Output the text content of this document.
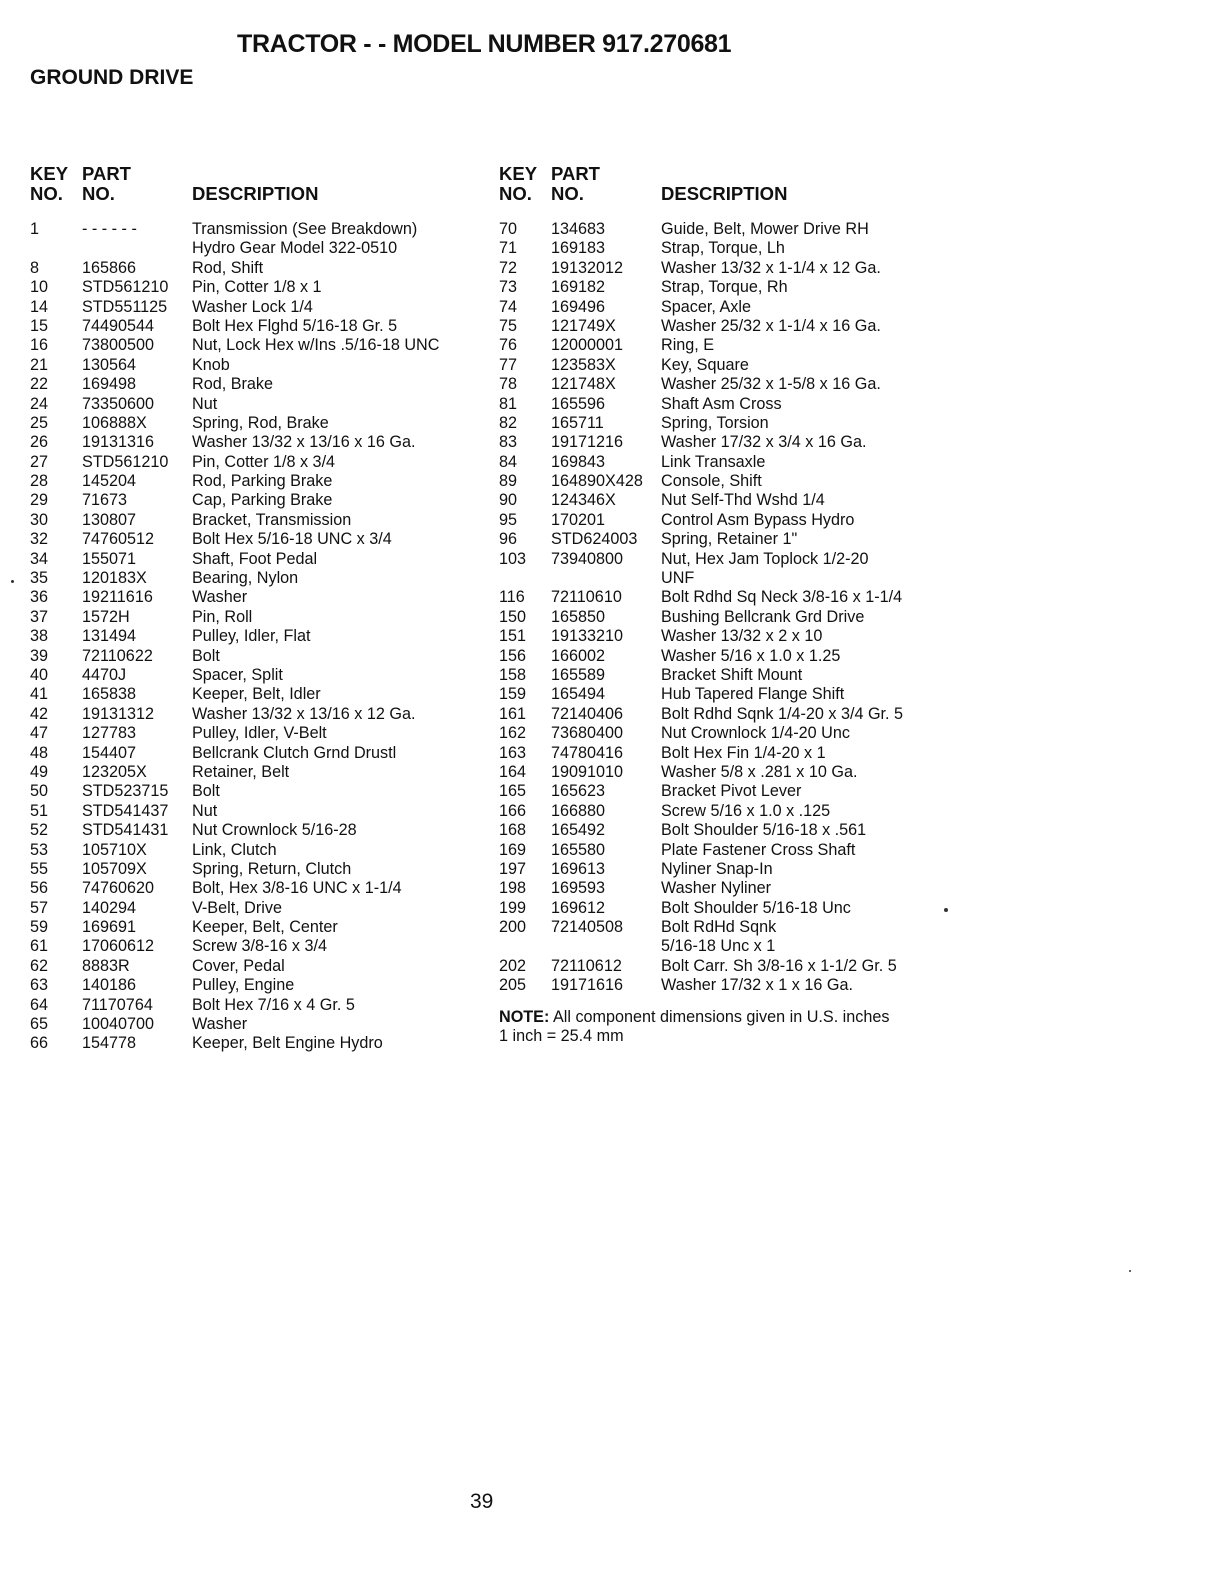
TRACTOR - - MODEL NUMBER 917.270681
GROUND DRIVE
KEY
NO.
PART
NO.	DESCRIPTION
1	- - - - - -	Transmission (See Breakdown)
Hydro Gear Model 322-0510
8	165866	Rod, Shift
10 STD561210 Pin, Cotter 1/8 x 1
14 STD551125 Washer Lock 1/4
15 74490544 Bolt Hex Flghd 5/16-18 Gr. 5
16 73800500 Nut, Lock Hex w/Ins .5/16-18 UNC
21 130564	Knob
22 169498	Rod, Brake
24 73350600 Nut
25 106888X	Spring, Rod, Brake
26 19131316 Washer 13/32 x 13/16 x 16 Ga.
27 STD561210 Pin, Cotter 1/8 x 3/4
28 145204	Rod, Parking Brake
29 71673	Cap, Parking Brake
30 130807	Bracket, Transmission
32 74760512 Bolt Hex 5/16-18 UNC x 3/4
34 155071	Shaft, Foot Pedal
35 120183X	Bearing, Nylon
36 19211616 Washer
37 1572H	Pin, Roll
38 131494	Pulley, Idler, Flat
39 72110622 Bolt
40 4470J	Spacer, Split
41 165838	Keeper, Belt, Idler
42 19131312 Washer 13/32 x 13/16 x 12 Ga.
47 127783	Pulley, Idler, V-Belt
48 154407	Bellcrank Clutch Grnd Drustl
49 123205X	Retainer, Belt
50 STD523715 Bolt
51 STD541437 Nut
52 STD541431 Nut Crownlock 5/16-28
53 105710X	Link, Clutch
55 105709X	Spring, Return, Clutch
56 74760620 Bolt, Hex 3/8-16 UNC x 1-1/4
57 140294	V-Belt, Drive
59 169691	Keeper, Belt, Center
61 17060612 Screw 3/8-16 x 3/4
62 8883R	Cover, Pedal
63 140186	Pulley, Engine
64 71170764 Bolt Hex 7/16 x 4 Gr. 5
65 10040700 Washer
66 154778	Keeper, Belt Engine Hydro
KEY
NO.
PART
NO.	DESCRIPTION
70 134683	Guide, Belt, Mower Drive RH
71 169183	Strap, Torque, Lh
72 19132012 Washer 13/32 x 1-1/4 x 12 Ga.
73 169182	Strap, Torque, Rh
74 169496	Spacer, Axle
75 121749X	Washer 25/32 x 1-1/4 x 16 Ga.
76 12000001 Ring, E
77 123583X	Key, Square
78 121748X	Washer 25/32 x 1-5/8 x 16 Ga.
81 165596	Shaft Asm Cross
82 165711	Spring, Torsion
83 19171216 Washer 17/32 x 3/4 x 16 Ga.
84 169843	Link Transaxle
89 164890X428 Console, Shift
90 124346X	Nut Self-Thd Wshd 1/4
95 170201	Control Asm Bypass Hydro
96 STD624003 Spring, Retainer 1"
103 73940800 Nut, Hex Jam Toplock 1/2-20
UNF
116 72110610 Bolt Rdhd Sq Neck 3/8-16 x 1-1/4
150 165850	Bushing Bellcrank Grd Drive
151 19133210 Washer 13/32 x 2 x 10
156 166002	Washer 5/16 x 1.0 x 1.25
158 165589	Bracket Shift Mount
159 165494	Hub Tapered Flange Shift
161 72140406 Bolt Rdhd Sqnk 1/4-20 x 3/4 Gr. 5
162 73680400 Nut Crownlock 1/4-20 Unc
163 74780416 Bolt Hex Fin 1/4-20 x 1
164 19091010 Washer 5/8 x .281 x 10 Ga.
165 165623	Bracket Pivot Lever
166 166880	Screw 5/16 x 1.0 x .125
168 165492	Bolt Shoulder 5/16-18 x .561
169 165580	Plate Fastener Cross Shaft
197 169613	Nyliner Snap-In
198 169593	Washer Nyliner
199 169612	Bolt Shoulder 5/16-18 Unc
200 72140508 Bolt RdHd Sqnk
5/16-18 Unc x 1
202 72110612 Bolt Carr. Sh 3/8-16 x 1-1/2 Gr. 5
205 19171616 Washer 17/32 x 1 x 16 Ga.
NOTE: All component dimensions given in U.S. inches
1 inch = 25.4 mm
39
